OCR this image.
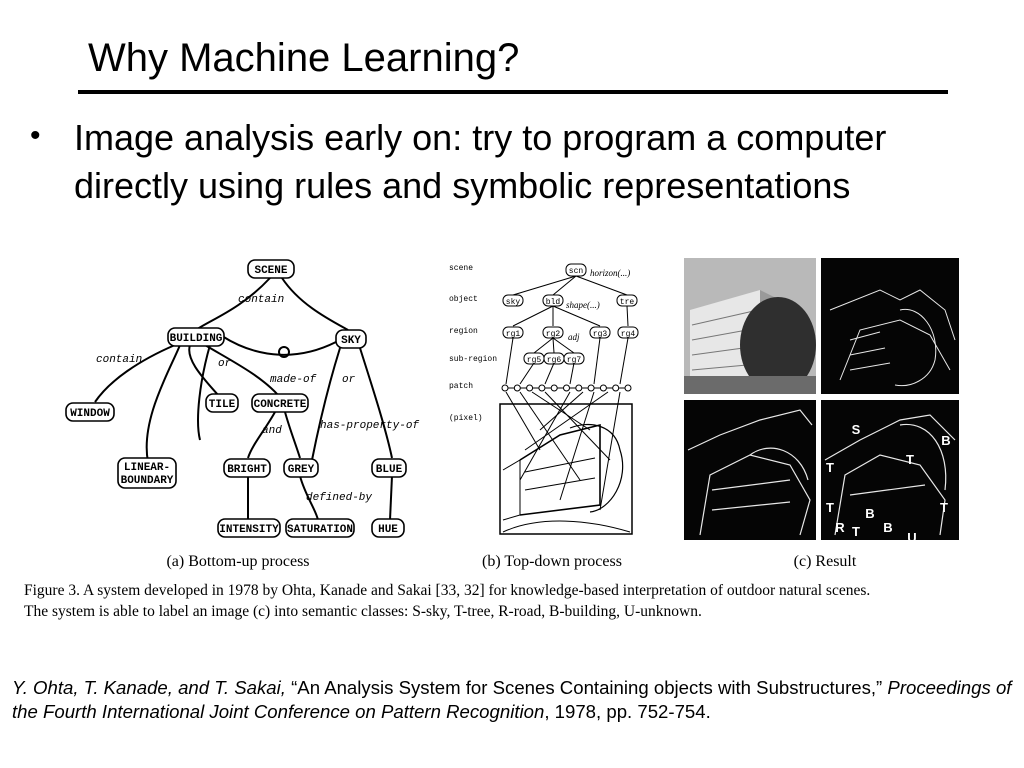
Why Machine Learning?
• Image analysis early on: try to program a computer directly using rules and symbolic representations
SCENE
BUILDING	SKY
WINDOW
TILE CONCRETE
LINEAR-
BOUNDARY
BRIGHT GREY	BLUE
INTENSITY SATURATION HUE
contain
contain	or
or
made-of
and	has-property-of
defined-by
(a) Bottom-up process
scene
object
region
sub-region
patch
(pixel)
scn
sky	bld	tre
rg1	rg2	rg3 rg4
rg5 rg6 rg7
horizon(...)
shape(...)
adj
(b) Top-down process
S
T
B
T
T B	T
R	B
T	U
(c) Result
Figure 3. A system developed in 1978 by Ohta, Kanade and Sakai [33, 32] for knowledge-based interpretation of outdoor natural scenes.
The system is able to label an image (c) into semantic classes: S-sky, T-tree, R-road, B-building, U-unknown.
Y. Ohta, T. Kanade, and T. Sakai, “An Analysis System for Scenes Containing objects with Substructures,” Proceedings of the Fourth International Joint Conference on Pattern Recognition, 1978, pp. 752-754.
